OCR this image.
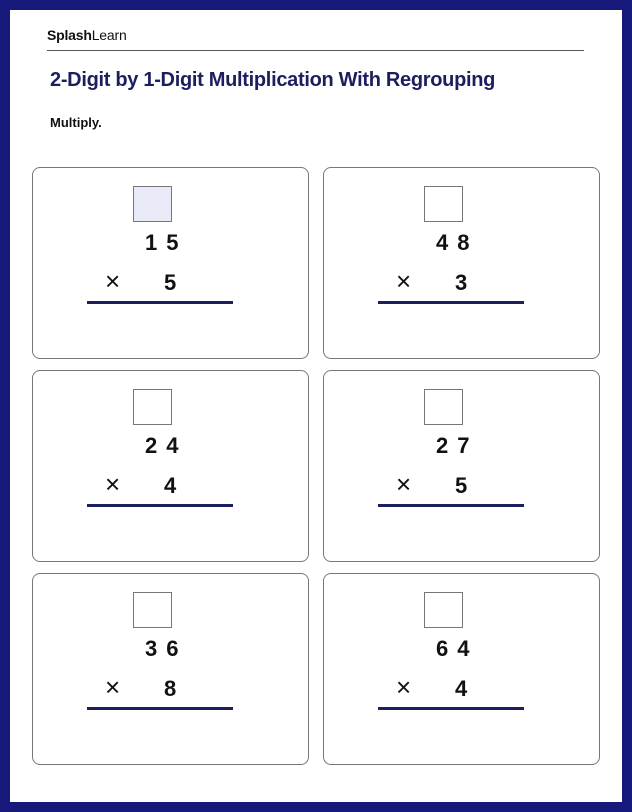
SplashLearn
2-Digit by 1-Digit Multiplication With Regrouping
Multiply.
15
× 5
48
× 3
24
× 4
27
× 5
36
× 8
64
× 4
